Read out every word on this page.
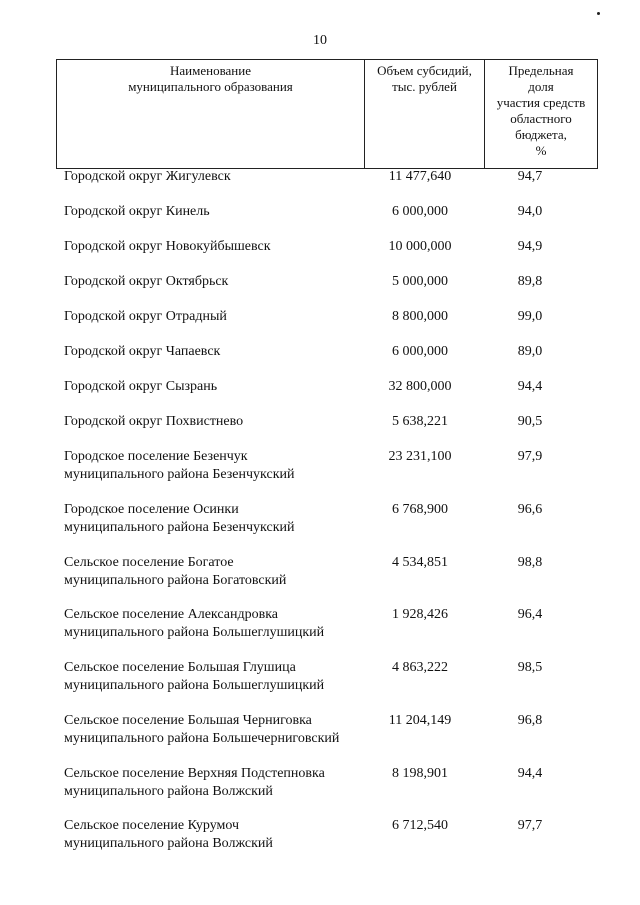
10
Наименование
муниципального образования

Объем субсидий,
тыс. рублей

Предельная
доля
участия средств
областного
бюджета,
%
Городской округ Жигулевск	11 477,640	94,7
Городской округ Кинель	6 000,000	94,0
Городской округ Новокуйбышевск	10 000,000	94,9
Городской округ Октябрьск	5 000,000	89,8
Городской округ Отрадный	8 800,000	99,0
Городской округ Чапаевск	6 000,000	89,0
Городской округ Сызрань	32 800,000	94,4
Городской округ Похвистнево	5 638,221	90,5
Городское поселение Безенчук
муниципального района Безенчукский
23 231,100	97,9
Городское поселение Осинки
муниципального района Безенчукский
6 768,900	96,6
Сельское поселение Богатое
муниципального района Богатовский
4 534,851	98,8
Сельское поселение Александровка
муниципального района Большеглушицкий
1 928,426	96,4
Сельское поселение Большая Глушица
муниципального района Большеглушицкий
4 863,222	98,5
Сельское поселение Большая Черниговка
муниципального района Большечерниговский
11 204,149	96,8
Сельское поселение Верхняя Подстепновка
муниципального района Волжский
8 198,901	94,4
Сельское поселение Курумоч
муниципального района Волжский
6 712,540	97,7
